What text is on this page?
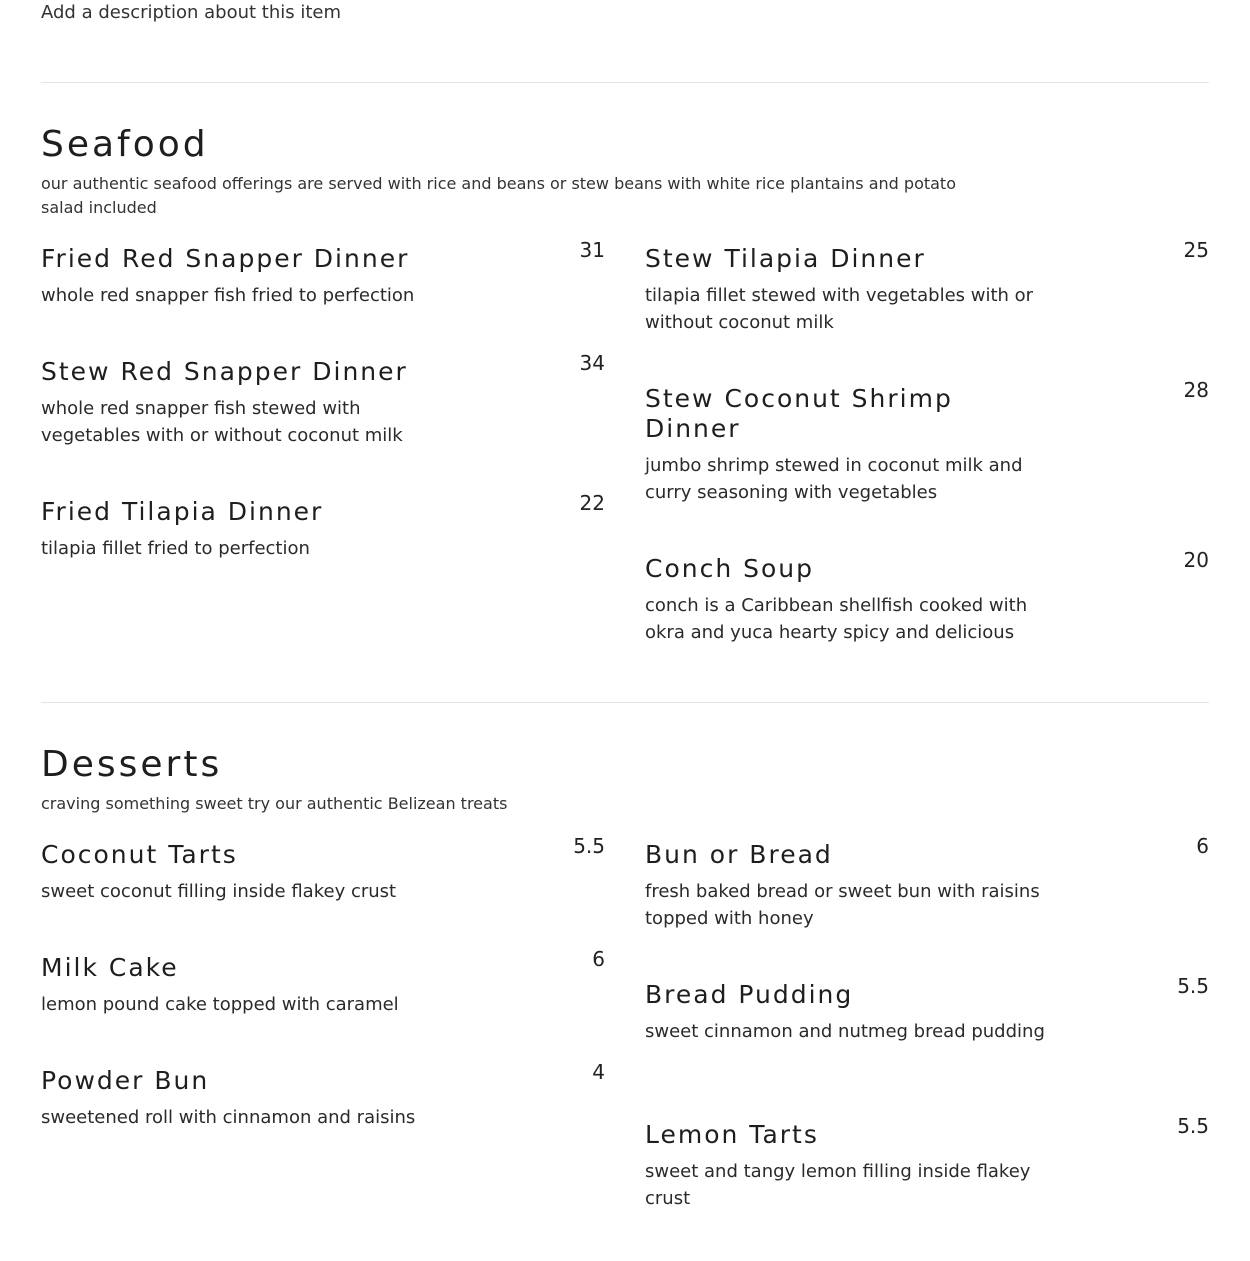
Add a description about this item
Seafood
our authentic seafood offerings are served with rice and beans or stew beans with white rice plantains and potato salad included
Fried Red Snapper Dinner	31
whole red snapper fish fried to perfection
Stew Red Snapper Dinner	34
whole red snapper fish stewed with vegetables with or without coconut milk
Fried Tilapia Dinner	22
tilapia fillet fried to perfection
Stew Tilapia Dinner	25
tilapia fillet stewed with vegetables with or without coconut milk
Stew Coconut Shrimp Dinner
28
jumbo shrimp stewed in coconut milk and curry seasoning with vegetables
Conch Soup	20
conch is a Caribbean shellfish cooked with okra and yuca hearty spicy and delicious
Desserts
craving something sweet try our authentic Belizean treats
Coconut Tarts	5.5
sweet coconut filling inside flakey crust
Milk Cake	6
lemon pound cake topped with caramel
Powder Bun	4
sweetened roll with cinnamon and raisins
Bun or Bread	6
fresh baked bread or sweet bun with raisins topped with honey
Bread Pudding	5.5
sweet cinnamon and nutmeg bread pudding
Lemon Tarts	5.5
sweet and tangy lemon filling inside flakey crust
